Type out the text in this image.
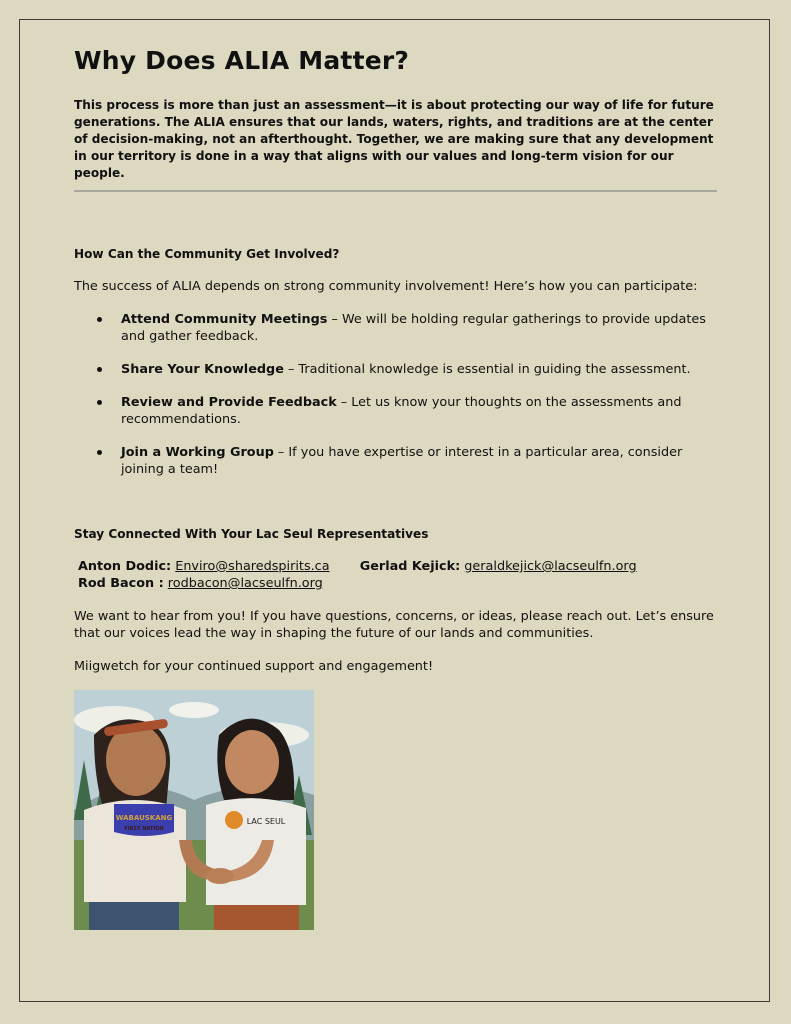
Why Does ALIA Matter?

This process is more than just an assessment—it is about protecting our way of life for future generations. The ALIA ensures that our lands, waters, rights, and traditions are at the center of decision-making, not an afterthought. Together, we are making sure that any development in our territory is done in a way that aligns with our values and long-term vision for our people.

How Can the Community Get Involved?

The success of ALIA depends on strong community involvement! Here’s how you can participate:

Attend Community Meetings – We will be holding regular gatherings to provide updates and gather feedback.
Share Your Knowledge – Traditional knowledge is essential in guiding the assessment.
Review and Provide Feedback – Let us know your thoughts on the assessments and recommendations.
Join a Working Group – If you have expertise or interest in a particular area, consider joining a team!

Stay Connected With Your Lac Seul Representatives

Anton Dodic: Enviro@sharedspirits.ca Gerlad Kejick: geraldkejick@lacseulfn.org
Rod Bacon : rodbacon@lacseulfn.org

We want to hear from you! If you have questions, concerns, or ideas, please reach out. Let’s ensure that our voices lead the way in shaping the future of our lands and communities.

Miigwetch for your continued support and engagement!

WABAUSKANG
FIRST NATION
LAC SEUL
